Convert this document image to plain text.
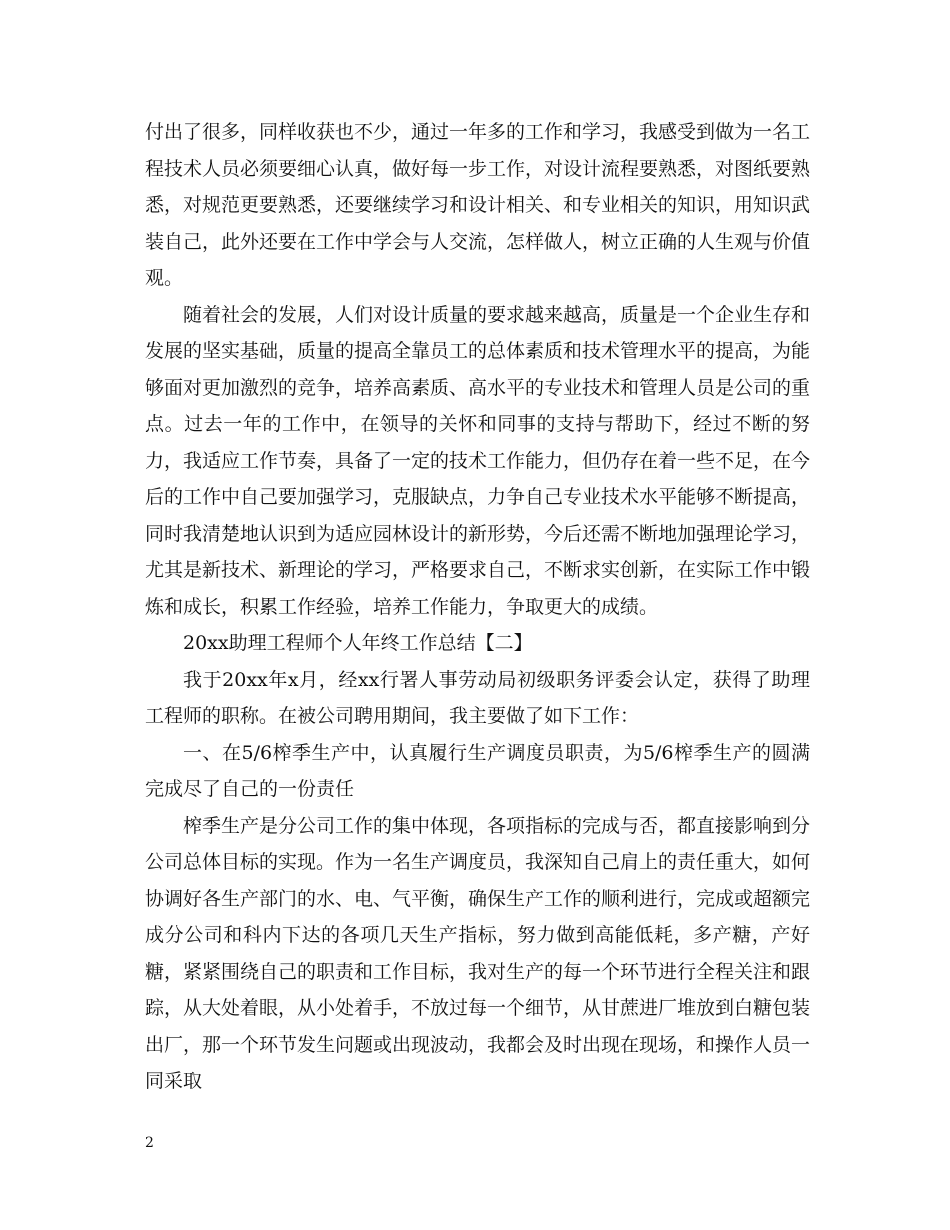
付出了很多，同样收获也不少，通过一年多的工作和学习，我感受到做为一名工程技术人员必须要细心认真，做好每一步工作，对设计流程要熟悉，对图纸要熟悉，对规范更要熟悉，还要继续学习和设计相关、和专业相关的知识，用知识武装自己，此外还要在工作中学会与人交流，怎样做人，树立正确的人生观与价值观。

随着社会的发展，人们对设计质量的要求越来越高，质量是一个企业生存和发展的坚实基础，质量的提高全靠员工的总体素质和技术管理水平的提高，为能够面对更加激烈的竞争，培养高素质、高水平的专业技术和管理人员是公司的重点。过去一年的工作中，在领导的关怀和同事的支持与帮助下，经过不断的努力，我适应工作节奏，具备了一定的技术工作能力，但仍存在着一些不足，在今后的工作中自己要加强学习，克服缺点，力争自己专业技术水平能够不断提高，同时我清楚地认识到为适应园林设计的新形势，今后还需不断地加强理论学习，尤其是新技术、新理论的学习，严格要求自己，不断求实创新，在实际工作中锻炼和成长，积累工作经验，培养工作能力，争取更大的成绩。

20xx助理工程师个人年终工作总结【二】

我于20xx年x月，经xx行署人事劳动局初级职务评委会认定，获得了助理工程师的职称。在被公司聘用期间，我主要做了如下工作：

一、在5/6榨季生产中，认真履行生产调度员职责，为5/6榨季生产的圆满完成尽了自己的一份责任

榨季生产是分公司工作的集中体现，各项指标的完成与否，都直接影响到分公司总体目标的实现。作为一名生产调度员，我深知自己肩上的责任重大，如何协调好各生产部门的水、电、气平衡，确保生产工作的顺利进行，完成或超额完成分公司和科内下达的各项几天生产指标，努力做到高能低耗，多产糖，产好糖，紧紧围绕自己的职责和工作目标，我对生产的每一个环节进行全程关注和跟踪，从大处着眼，从小处着手，不放过每一个细节，从甘蔗进厂堆放到白糖包装出厂，那一个环节发生问题或出现波动，我都会及时出现在现场，和操作人员一同采取

2
